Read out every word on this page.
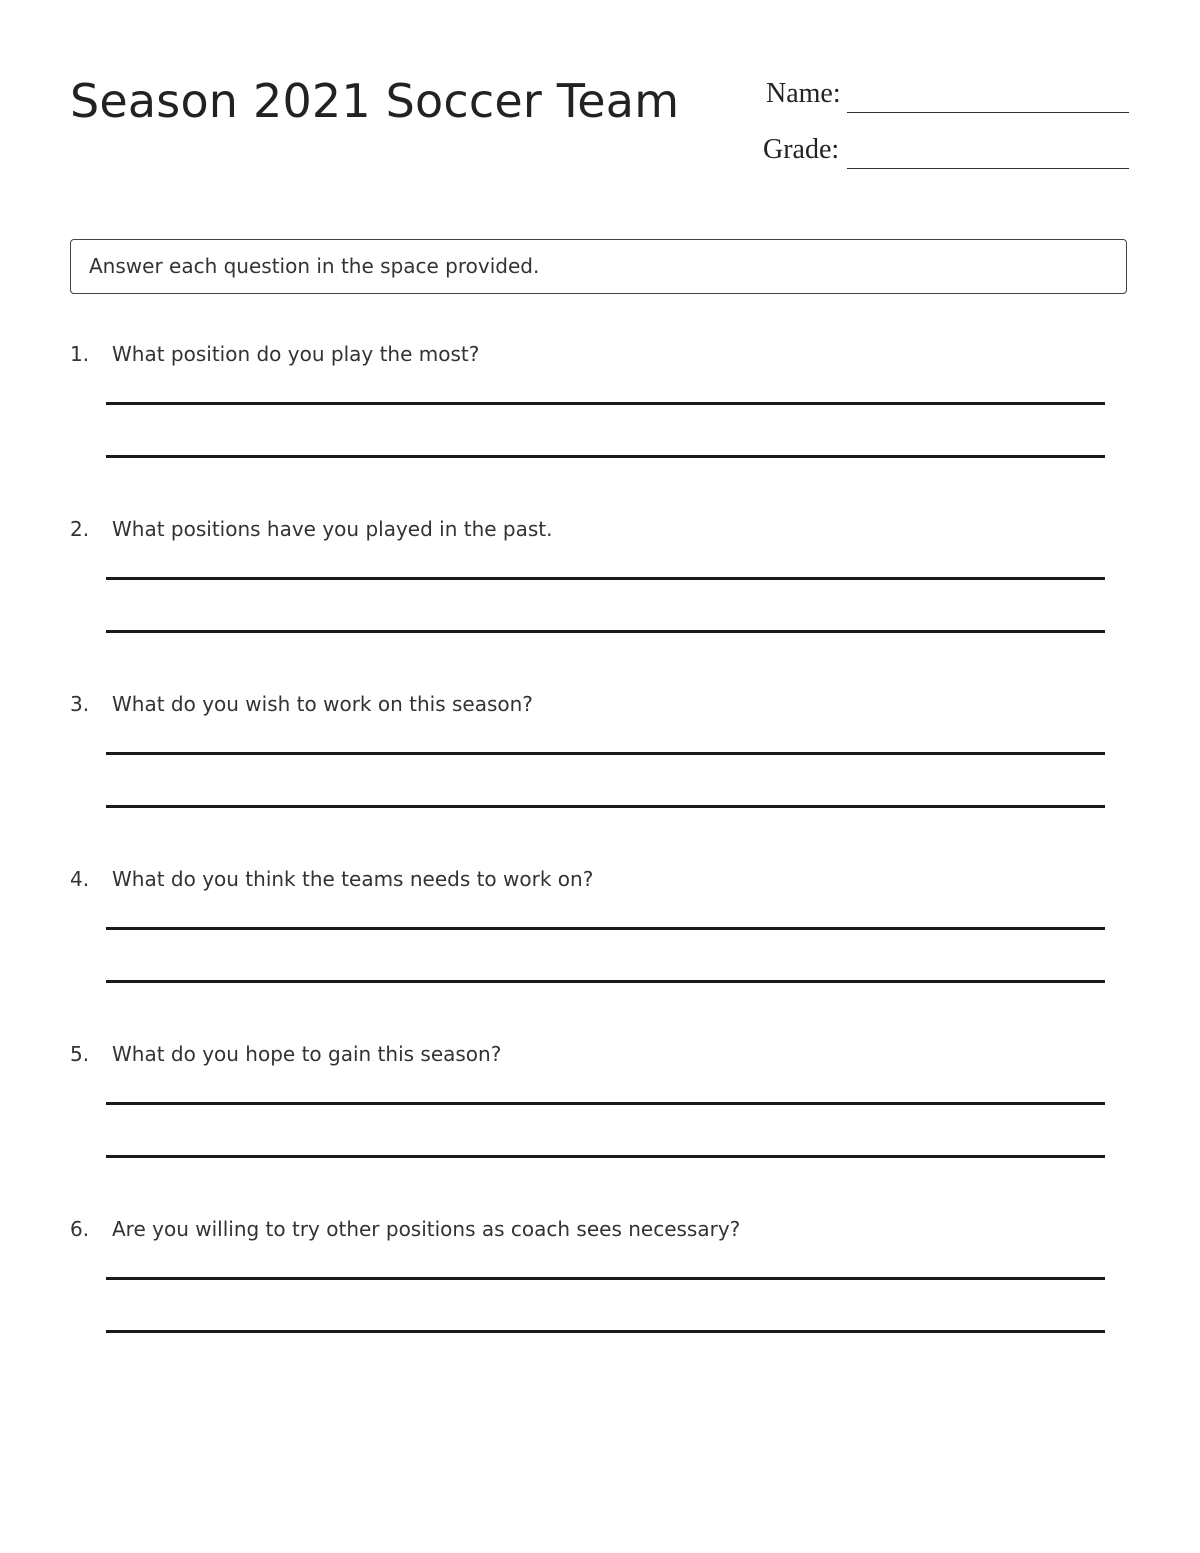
Season 2021 Soccer Team	Name:
Grade:
Answer each question in the space provided.
1. What position do you play the most?
2. What positions have you played in the past.
3. What do you wish to work on this season?
4. What do you think the teams needs to work on?
5. What do you hope to gain this season?
6. Are you willing to try other positions as coach sees necessary?
